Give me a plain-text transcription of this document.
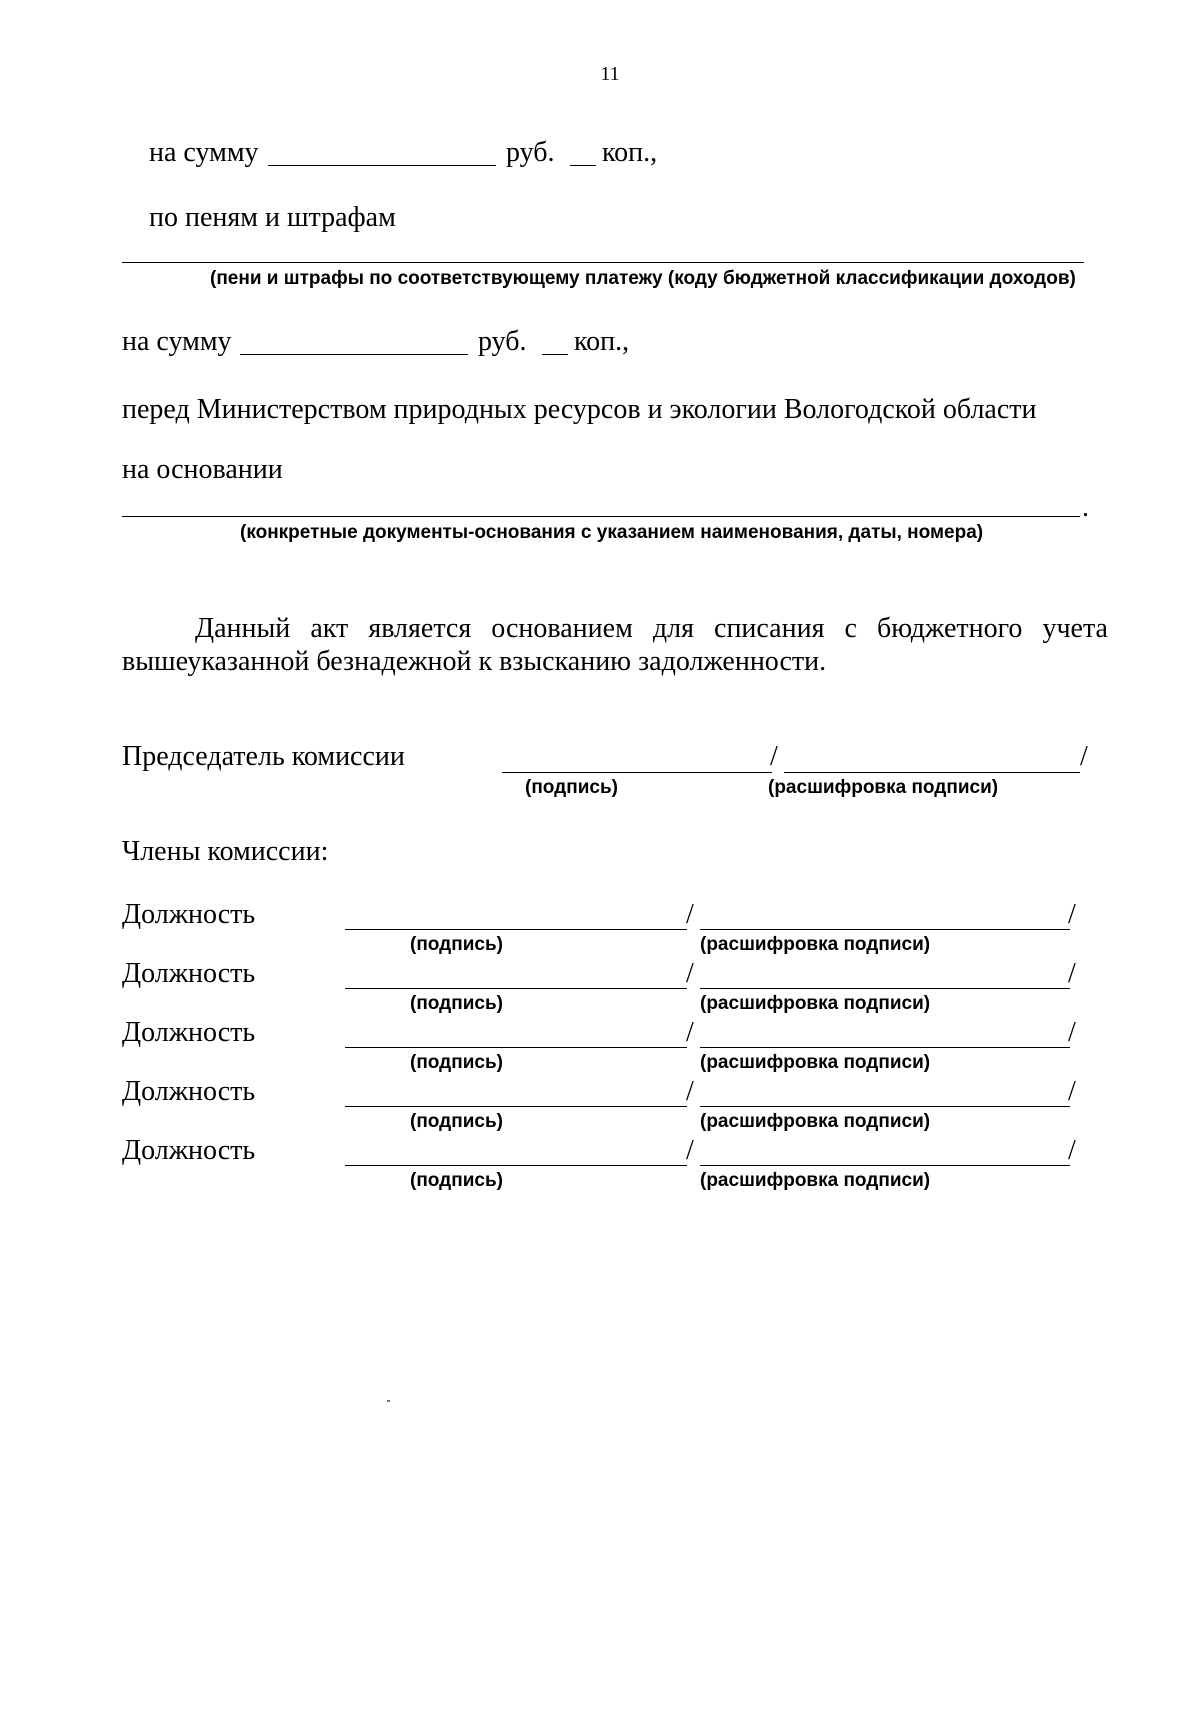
11
на сумму	руб. коп.,
по пеням и штрафам
(пени и штрафы по соответствующему платежу (коду бюджетной классификации доходов)
на сумму	руб. коп.,
перед Министерством природных ресурсов и экологии Вологодской области
на основании
.
(конкретные документы-основания с указанием наименования, даты, номера)
Данный акт является основанием для списания с бюджетного учета
вышеуказанной безнадежной к взысканию задолженности.
Председатель комиссии	/	/
(подпись)	(расшифровка подписи)
Члены комиссии:
Должность	/	/
(подпись)	(расшифровка подписи)
Должность	/	/
(подпись)	(расшифровка подписи)
Должность	/	/
(подпись)	(расшифровка подписи)
Должность	/	/
(подпись)	(расшифровка подписи)
Должность	/	/
(подпись)	(расшифровка подписи)
